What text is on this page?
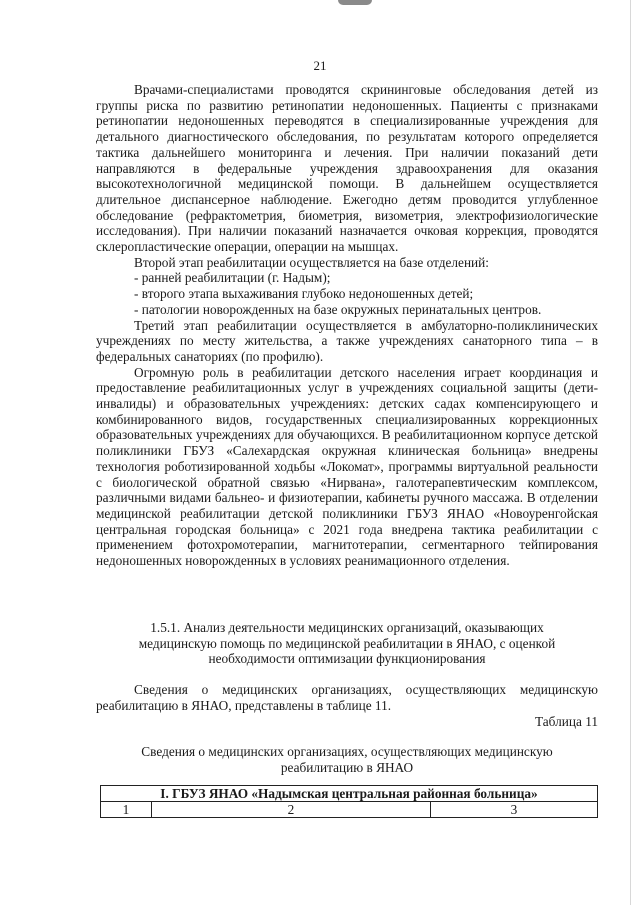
21

Врачами-специалистами проводятся скрининговые обследования детей из группы риска по развитию ретинопатии недоношенных. Пациенты с признаками ретинопатии недоношенных переводятся в специализированные учреждения для детального диагностического обследования, по результатам которого определяется тактика дальнейшего мониторинга и лечения. При наличии показаний дети направляются в федеральные учреждения здравоохранения для оказания высокотехнологичной медицинской помощи. В дальнейшем осуществляется длительное диспансерное наблюдение. Ежегодно детям проводится углубленное обследование (рефрактометрия, биометрия, визометрия, электрофизиологические исследования). При наличии показаний назначается очковая коррекция, проводятся склеропластические операции, операции на мышцах.

Второй этап реабилитации осуществляется на базе отделений:

- ранней реабилитации (г. Надым);

- второго этапа выхаживания глубоко недоношенных детей;

- патологии новорожденных на базе окружных перинатальных центров.

Третий этап реабилитации осуществляется в амбулаторно-поликлинических учреждениях по месту жительства, а также учреждениях санаторного типа – в федеральных санаториях (по профилю).

Огромную роль в реабилитации детского населения играет координация и предоставление реабилитационных услуг в учреждениях социальной защиты (дети-инвалиды) и образовательных учреждениях: детских садах компенсирующего и комбинированного видов, государственных специализированных коррекционных образовательных учреждениях для обучающихся. В реабилитационном корпусе детской поликлиники ГБУЗ «Салехардская окружная клиническая больница» внедрены технология роботизированной ходьбы «Локомат», программы виртуальной реальности с биологической обратной связью «Нирвана», галотерапевтическим комплексом, различными видами бальнео- и физиотерапии, кабинеты ручного массажа. В отделении медицинской реабилитации детской поликлиники ГБУЗ ЯНАО «Новоуренгойская центральная городская больница» с 2021 года внедрена тактика реабилитации с применением фотохромотерапии, магнитотерапии, сегментарного тейпирования недоношенных новорожденных в условиях реанимационного отделения.

1.5.1. Анализ деятельности медицинских организаций, оказывающих медицинскую помощь по медицинской реабилитации в ЯНАО, с оценкой необходимости оптимизации функционирования

Сведения о медицинских организациях, осуществляющих медицинскую реабилитацию в ЯНАО, представлены в таблице 11.

Таблица 11

Сведения о медицинских организациях, осуществляющих медицинскую реабилитацию в ЯНАО

I. ГБУЗ ЯНАО «Надымская центральная районная больница»
1	2	3
